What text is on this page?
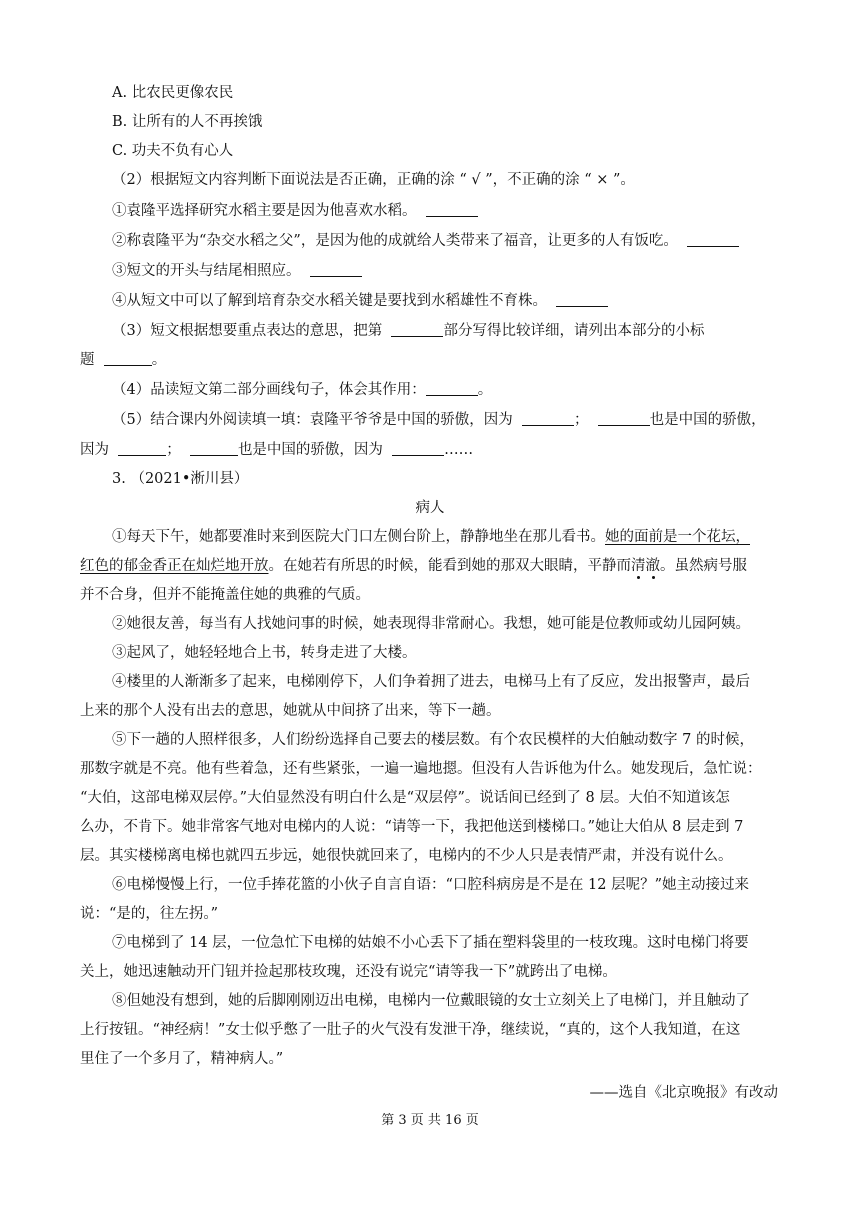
A. 比农民更像农民
B. 让所有的人不再挨饿
C. 功夫不负有心人
（2）根据短文内容判断下面说法是否正确，正确的涂 “ √ ”，不正确的涂 “ × ”。
①袁隆平选择研究水稻主要是因为他喜欢水稻。
②称袁隆平为“杂交水稻之父”，是因为他的成就给人类带来了福音，让更多的人有饭吃。
③短文的开头与结尾相照应。
④从短文中可以了解到培育杂交水稻关键是要找到水稻雄性不育株。
（3）短文根据想要重点表达的意思，把第	部分写得比较详细，请列出本部分的小标
题	。
（4）品读短文第二部分画线句子，体会其作用：	。
（5）结合课内外阅读填一填：袁隆平爷爷是中国的骄傲，因为	；	也是中国的骄傲，
因为	；	也是中国的骄傲，因为	……
3. （2021•淅川县）
病人
①每天下午，她都要准时来到医院大门口左侧台阶上，静静地坐在那儿看书。她的面前是一个花坛，
红色的郁金香正在灿烂地开放。在她若有所思的时候，能看到她的那双大眼睛，平静而清澈。虽然病号服
并不合身，但并不能掩盖住她的典雅的气质。
②她很友善，每当有人找她问事的时候，她表现得非常耐心。我想，她可能是位教师或幼儿园阿姨。
③起风了，她轻轻地合上书，转身走进了大楼。
④楼里的人渐渐多了起来，电梯刚停下，人们争着拥了进去，电梯马上有了反应，发出报警声，最后
上来的那个人没有出去的意思，她就从中间挤了出来，等下一趟。
⑤下一趟的人照样很多，人们纷纷选择自己要去的楼层数。有个农民模样的大伯触动数字 7 的时候，
那数字就是不亮。他有些着急，还有些紧张，一遍一遍地摁。但没有人告诉他为什么。她发现后，急忙说：
“大伯，这部电梯双层停。”大伯显然没有明白什么是“双层停”。说话间已经到了 8 层。大伯不知道该怎
么办，不肯下。她非常客气地对电梯内的人说：“请等一下，我把他送到楼梯口。”她让大伯从 8 层走到 7
层。其实楼梯离电梯也就四五步远，她很快就回来了，电梯内的不少人只是表情严肃，并没有说什么。
⑥电梯慢慢上行，一位手捧花篮的小伙子自言自语：“口腔科病房是不是在 12 层呢？”她主动接过来
说：“是的，往左拐。”
⑦电梯到了 14 层，一位急忙下电梯的姑娘不小心丢下了插在塑料袋里的一枝玫瑰。这时电梯门将要
关上，她迅速触动开门钮并捡起那枝玫瑰，还没有说完“请等我一下”就跨出了电梯。
⑧但她没有想到，她的后脚刚刚迈出电梯，电梯内一位戴眼镜的女士立刻关上了电梯门，并且触动了
上行按钮。“神经病！”女士似乎憋了一肚子的火气没有发泄干净，继续说，“真的，这个人我知道，在这
里住了一个多月了，精神病人。”
——选自《北京晚报》有改动
第 3 页 共 16 页
